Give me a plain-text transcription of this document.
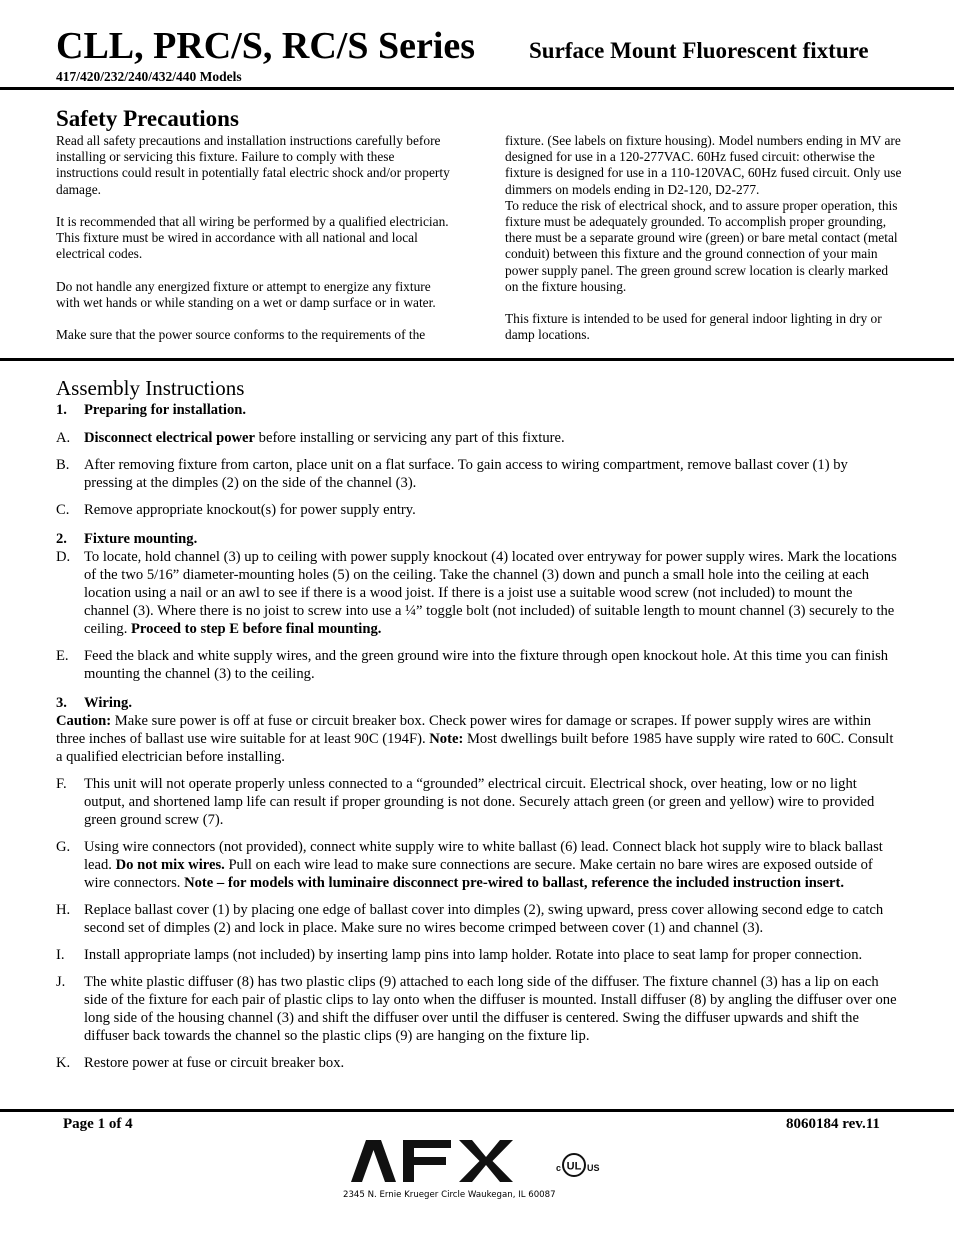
CLL, PRC/S, RC/S Series Surface Mount Fluorescent fixture
417/420/232/240/432/440 Models
Safety Precautions

Read all safety precautions and installation instructions carefully before installing or servicing this fixture. Failure to comply with these instructions could result in potentially fatal electric shock and/or property damage.

It is recommended that all wiring be performed by a qualified electrician. This fixture must be wired in accordance with all national and local electrical codes.

Do not handle any energized fixture or attempt to energize any fixture with wet hands or while standing on a wet or damp surface or in water.

Make sure that the power source conforms to the requirements of the

fixture. (See labels on fixture housing). Model numbers ending in MV are designed for use in a 120-277VAC. 60Hz fused circuit: otherwise the fixture is designed for use in a 110-120VAC, 60Hz fused circuit. Only use dimmers on models ending in D2-120, D2-277.

To reduce the risk of electrical shock, and to assure proper operation, this fixture must be adequately grounded. To accomplish proper grounding, there must be a separate ground wire (green) or bare metal contact (metal conduit) between this fixture and the ground connection of your main power supply panel. The green ground screw location is clearly marked on the fixture housing.

This fixture is intended to be used for general indoor lighting in dry or damp locations.

Assembly Instructions
1.	Preparing for installation.
A. Disconnect electrical power before installing or servicing any part of this fixture.
B.	After removing fixture from carton, place unit on a flat surface. To gain access to wiring compartment, remove ballast cover (1) by pressing at the dimples (2) on the side of the channel (3).
C.	Remove appropriate knockout(s) for power supply entry.
2.	Fixture mounting.
D. To locate, hold channel (3) up to ceiling with power supply knockout (4) located over entryway for power supply wires. Mark the locations of the two 5/16” diameter-mounting holes (5) on the ceiling. Take the channel (3) down and punch a small hole into the ceiling at each location using a nail or an awl to see if there is a wood joist. If there is a joist use a suitable wood screw (not included) to mount the channel (3). Where there is no joist to screw into use a ¼” toggle bolt (not included) of suitable length to mount channel (3) securely to the ceiling. Proceed to step E before final mounting.
E.	Feed the black and white supply wires, and the green ground wire into the fixture through open knockout hole. At this time you can finish mounting the channel (3) to the ceiling.
3.	Wiring.

Caution: Make sure power is off at fuse or circuit breaker box. Check power wires for damage or scrapes. If power supply wires are within three inches of ballast use wire suitable for at least 90C (194F). Note: Most dwellings built before 1985 have supply wire rated to 60C. Consult a qualified electrician before installing.

F.	This unit will not operate properly unless connected to a “grounded” electrical circuit. Electrical shock, over heating, low or no light output, and shortened lamp life can result if proper grounding is not done. Securely attach green (or green and yellow) wire to provided green ground screw (7).
G. Using wire connectors (not provided), connect white supply wire to white ballast (6) lead. Connect black hot supply wire to black ballast lead. Do not mix wires. Pull on each wire lead to make sure connections are secure. Make certain no bare wires are exposed outside of wire connectors. Note – for models with luminaire disconnect pre-wired to ballast, reference the included instruction insert.
H. Replace ballast cover (1) by placing one edge of ballast cover into dimples (2), swing upward, press cover allowing second edge to catch second set of dimples (2) and lock in place. Make sure no wires become crimped between cover (1) and channel (3).
I.	Install appropriate lamps (not included) by inserting lamp pins into lamp holder. Rotate into place to seat lamp for proper connection.
J.	The white plastic diffuser (8) has two plastic clips (9) attached to each long side of the diffuser. The fixture channel (3) has a lip on each side of the fixture for each pair of plastic clips to lay onto when the diffuser is mounted. Install diffuser (8) by angling the diffuser over one long side of the housing channel (3) and shift the diffuser over until the diffuser is centered. Swing the diffuser upwards and shift the diffuser back towards the channel so the plastic clips (9) are hanging on the fixture lip.
K. Restore power at fuse or circuit breaker box.
Page 1 of 4	8060184 rev.11
c UL US
2345 N. Ernie Krueger Circle Waukegan, IL 60087
